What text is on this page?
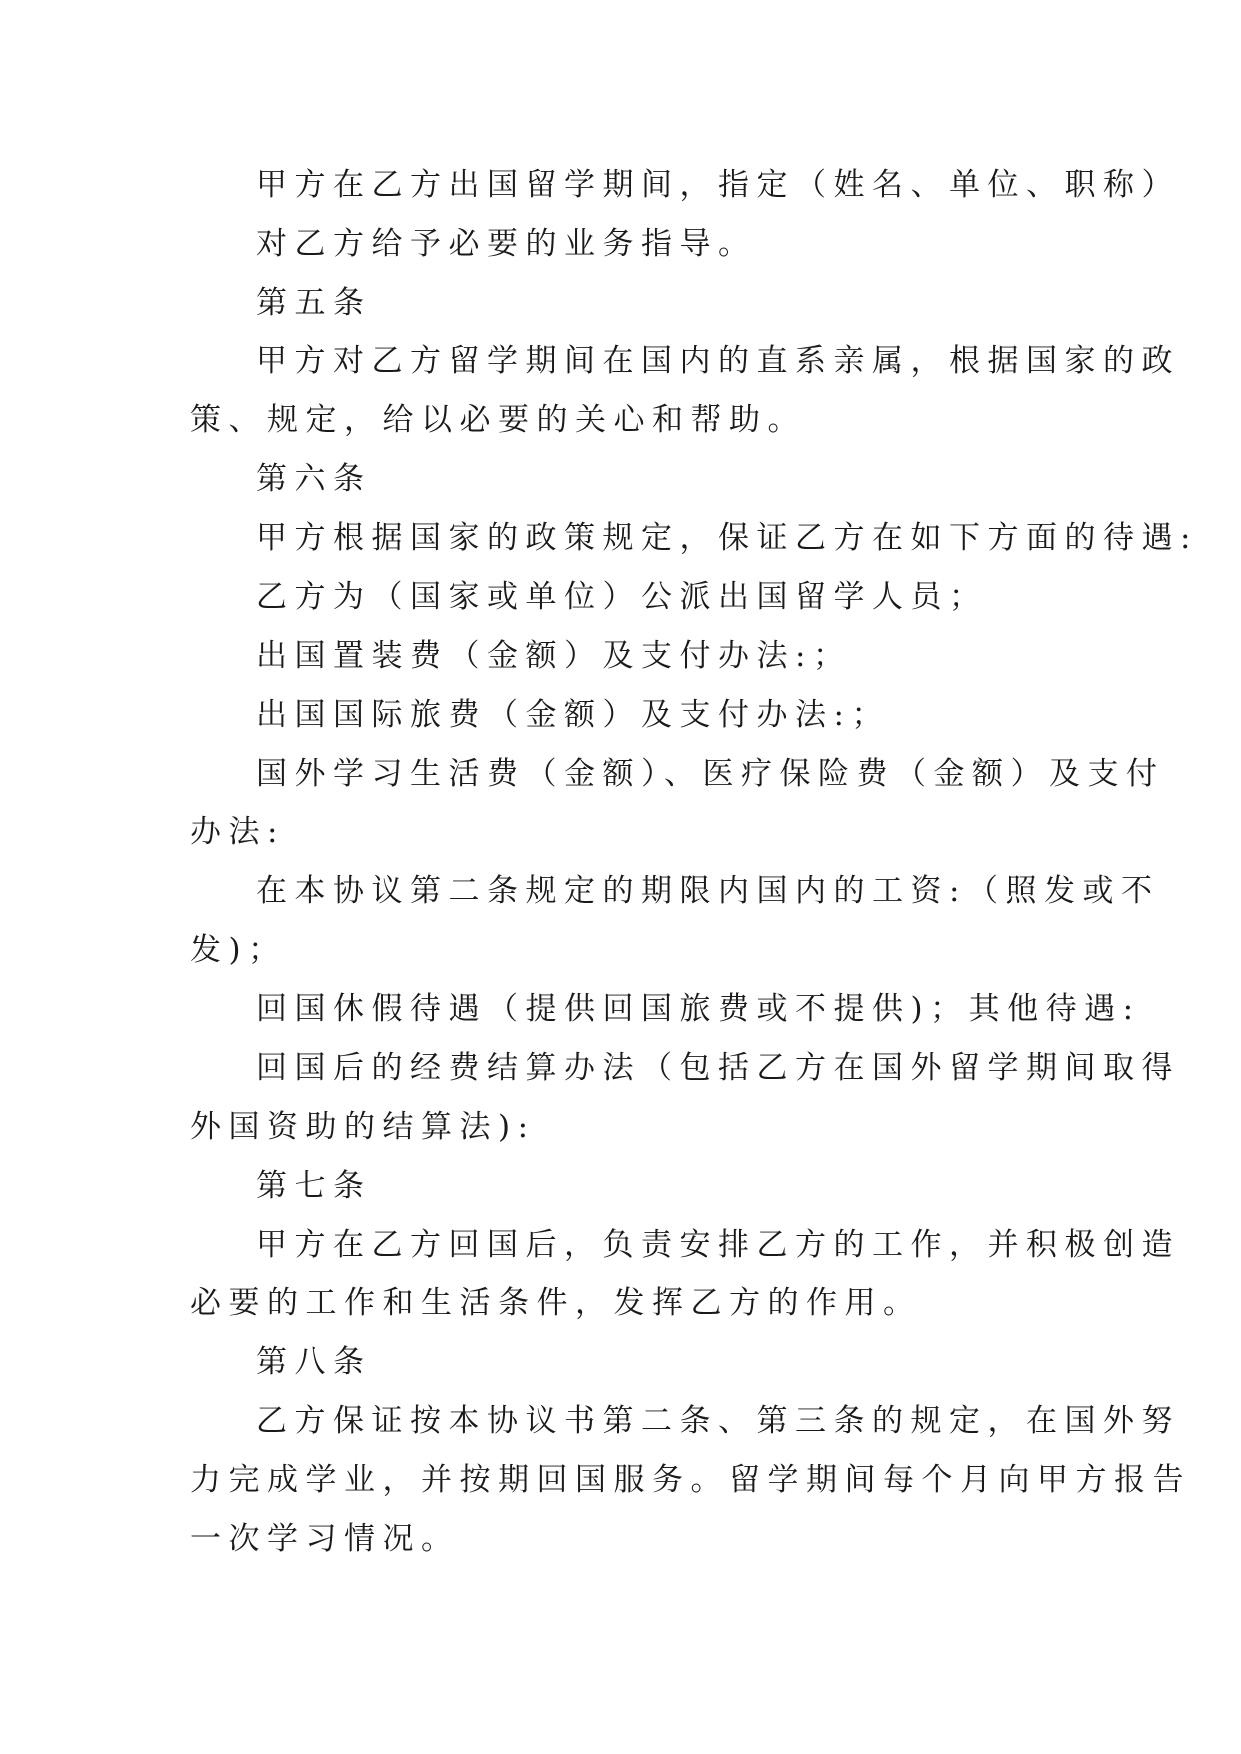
甲方在乙方出国留学期间，指定（姓名、单位、职称）
对乙方给予必要的业务指导。
第五条
甲方对乙方留学期间在国内的直系亲属，根据国家的政
策、规定，给以必要的关心和帮助。
第六条
甲方根据国家的政策规定，保证乙方在如下方面的待遇:
乙方为（国家或单位）公派出国留学人员；
出国置装费（金额）及支付办法:；
出国国际旅费（金额）及支付办法:；
国外学习生活费（金额）、医疗保险费（金额）及支付
办法:
在本协议第二条规定的期限内国内的工资:（照发或不
发)；
回国休假待遇（提供回国旅费或不提供)；其他待遇:
回国后的经费结算办法（包括乙方在国外留学期间取得
外国资助的结算法):
第七条
甲方在乙方回国后，负责安排乙方的工作，并积极创造
必要的工作和生活条件，发挥乙方的作用。
第八条
乙方保证按本协议书第二条、第三条的规定，在国外努
力完成学业，并按期回国服务。留学期间每个月向甲方报告
一次学习情况。
